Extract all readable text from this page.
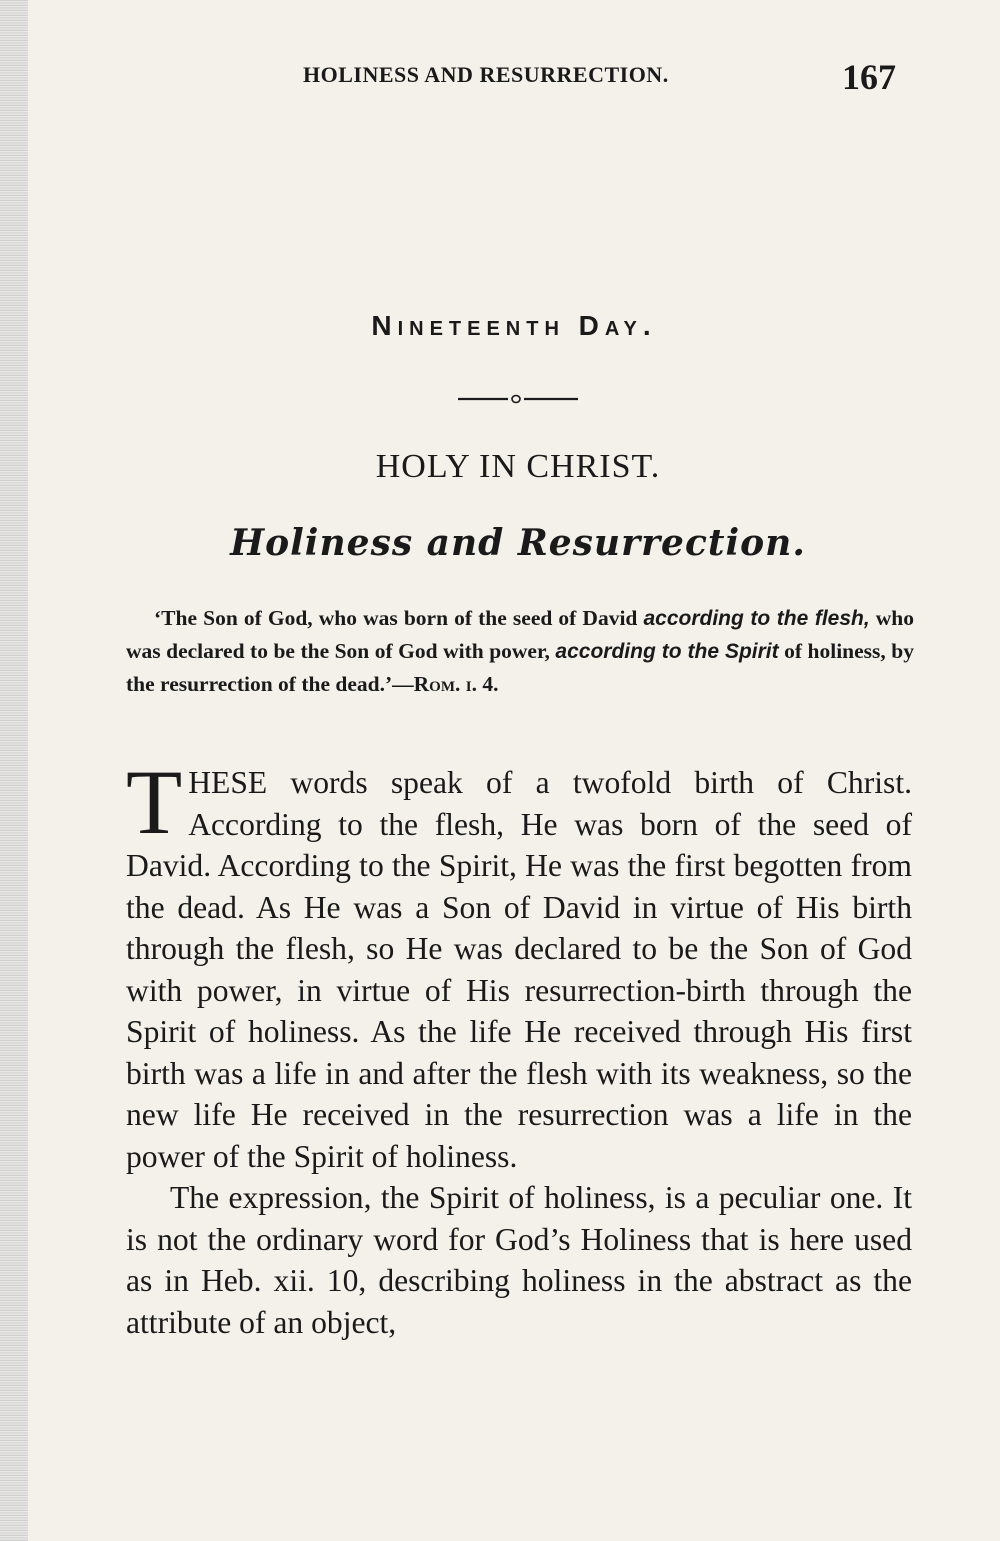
HOLINESS AND RESURRECTION.	167
Nineteenth Day.
HOLY IN CHRIST.
Holiness and Resurrection.
‘The Son of God, who was born of the seed of David according to the flesh, who was declared to be the Son of God with power, according to the Spirit of holiness, by the resurrection of the dead.’—Rom. i. 4.

THESE words speak of a twofold birth of Christ. According to the flesh, He was born of the seed of David. According to the Spirit, He was the first begotten from the dead. As He was a Son of David in virtue of His birth through the flesh, so He was declared to be the Son of God with power, in virtue of His resurrection-birth through the Spirit of holiness. As the life He received through His first birth was a life in and after the flesh with its weakness, so the new life He received in the resurrection was a life in the power of the Spirit of holiness.

The expression, the Spirit of holiness, is a peculiar one. It is not the ordinary word for God’s Holiness that is here used as in Heb. xii. 10, describing holiness in the abstract as the attribute of an object,
